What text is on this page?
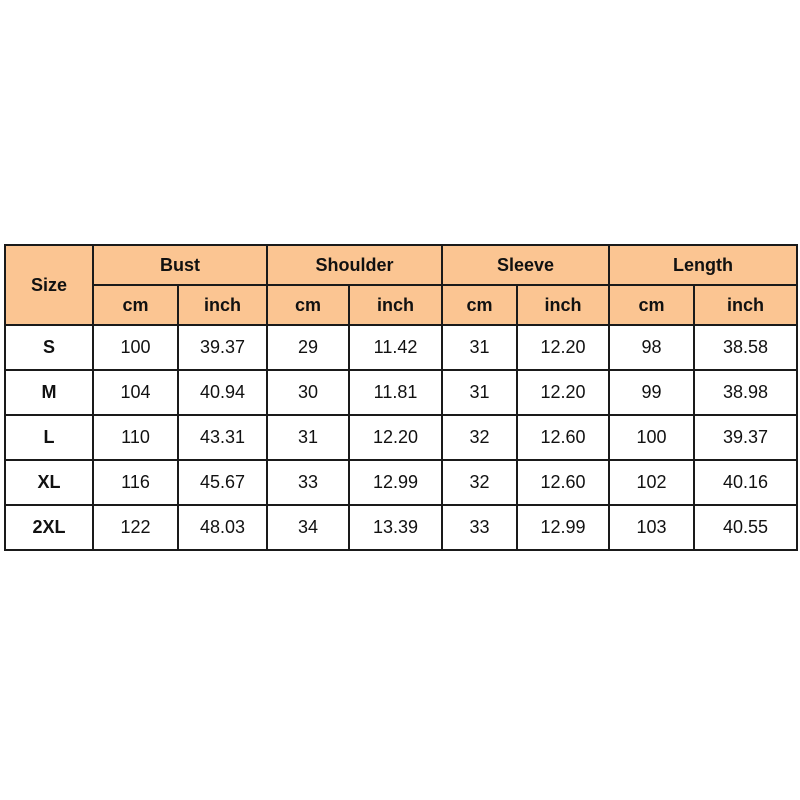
Size	Bust		Shoulder		Sleeve		Length	
	cm	inch	cm	inch	cm	inch	cm	inch
S	100	39.37	29	11.42	31	12.20	98	38.58
M	104	40.94	30	11.81	31	12.20	99	38.98
L	110	43.31	31	12.20	32	12.60	100	39.37
XL	116	45.67	33	12.99	32	12.60	102	40.16
2XL	122	48.03	34	13.39	33	12.99	103	40.55
